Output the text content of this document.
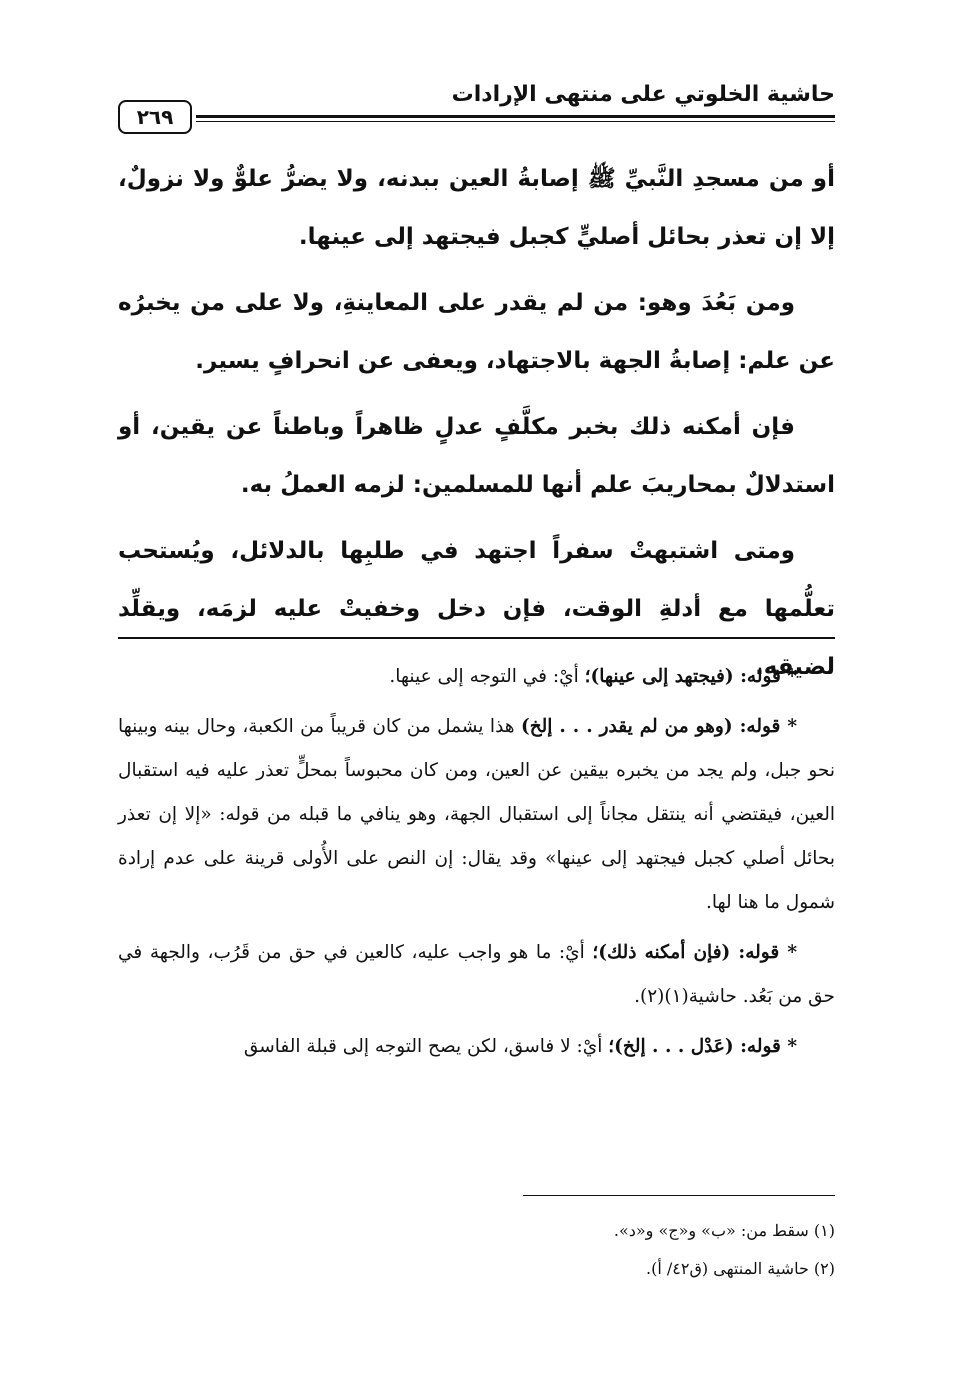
حاشية الخلوتي على منتهى الإرادات
٢٦٩

أو من مسجدِ النَّبيِّ ﷺ إصابةُ العين ببدنه، ولا يضرُّ علوٌّ ولا نزولٌ، إلا إن تعذر بحائل أصليٍّ كجبل فيجتهد إلى عينها.

ومن بَعُدَ وهو: من لم يقدر على المعاينةِ، ولا على من يخبرُه عن علم: إصابةُ الجهة بالاجتهاد، ويعفى عن انحرافٍ يسير.

فإن أمكنه ذلك بخبر مكلَّفٍ عدلٍ ظاهراً وباطناً عن يقين، أو استدلالٌ بمحاريبَ علم أنها للمسلمين: لزمه العملُ به.

ومتى اشتبهتْ سفراً اجتهد في طلبِها بالدلائل، ويُستحب تعلُّمها مع أدلةِ الوقت، فإن دخل وخفيتْ عليه لزمَه، ويقلِّد لضيقه.

* قوله: (فيجتهد إلى عينها)؛ أيْ: في التوجه إلى عينها.

* قوله: (وهو من لم يقدر . . . إلخ) هذا يشمل من كان قريباً من الكعبة، وحال بينه وبينها نحو جبل، ولم يجد من يخبره بيقين عن العين، ومن كان محبوساً بمحلٍّ تعذر عليه فيه استقبال العين، فيقتضي أنه ينتقل مجاناً إلى استقبال الجهة، وهو ينافي ما قبله من قوله: «إلا إن تعذر بحائل أصلي كجبل فيجتهد إلى عينها» وقد يقال: إن النص على الأُولى قرينة على عدم إرادة شمول ما هنا لها.

* قوله: (فإن أمكنه ذلك)؛ أيْ: ما هو واجب عليه، كالعين في حق من قَرُب، والجهة في حق من بَعُد. حاشية(١)(٢).

* قوله: (عَدْل . . . إلخ)؛ أيْ: لا فاسق، لكن يصح التوجه إلى قبلة الفاسق

(١) سقط من: «ب» و«ج» و«د».
(٢) حاشية المنتهى (ق٤٢/ أ).
